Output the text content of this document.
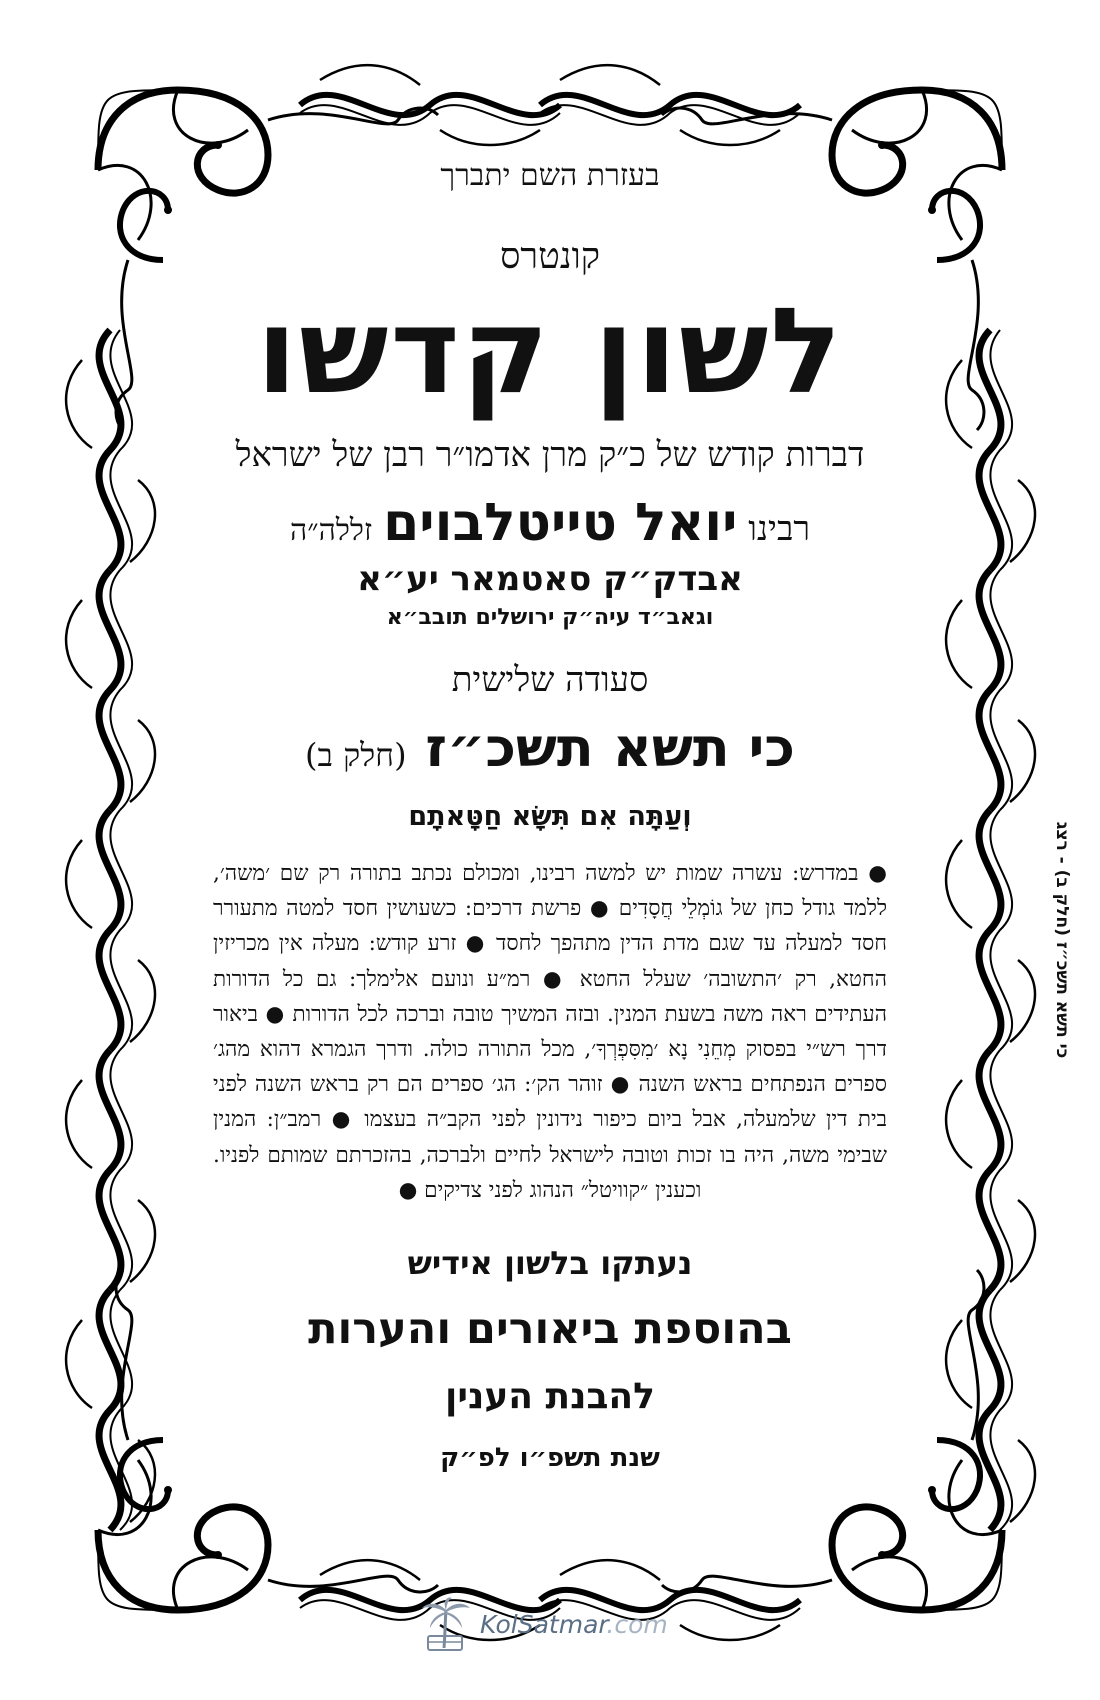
בעזרת השם יתברך

קונטרס

לשון קדשו

דברות קודש של כ״ק מרן אדמו״ר רבן של ישראל

רבינו יואל טייטלבוים זללה״ה

אבדק״ק סאטמאר יע״א

וגאב״ד עיה״ק ירושלים תובב״א

סעודה שלישית

כי תשא תשכ״ז (חלק ב)

וְעַתָּה אִם תִּשָּׂא חַטָּאתָם

● במדרש: עשרה שמות יש למשה רבינו, ומכולם נכתב בתורה רק שם ׳משה׳, ללמד גודל כחן של גוֹמְלֵי חֲסָדִים ● פרשת דרכים: כשעושין חסד למטה מתעורר חסד למעלה עד שגם מדת הדין מתהפך לחסד ● זרע קודש: מעלה אין מכריזין החטא, רק ׳התשובה׳ שעלל החטא ● רמ״ע ונועם אלימלך: גם כל הדורות העתידים ראה משה בשעת המנין. ובזה המשיך טובה וברכה לכל הדורות ● ביאור דרך רש״י בפסוק מְחֵנִי נָא ׳מִסִּפְרְךָ׳, מכל התורה כולה. ודרך הגמרא דהוא מהג׳ ספרים הנפתחים בראש השנה ● זוהר הק׳: הג׳ ספרים הם רק בראש השנה לפני בית דין שלמעלה, אבל ביום כיפור נידונין לפני הקב״ה בעצמו ● רמב״ן: המנין שבימי משה, היה בו זכות וטובה לישראל לחיים ולברכה, בהזכרתם שמותם לפניו. וכענין ״קוויטל״ הנהוג לפני צדיקים ●

נעתקו בלשון אידיש

בהוספת ביאורים והערות

להבנת הענין

שנת תשפ״ו לפ״ק

כי תשא תשכ״ז (חלק ב) - רצג
KolSatmar.com
